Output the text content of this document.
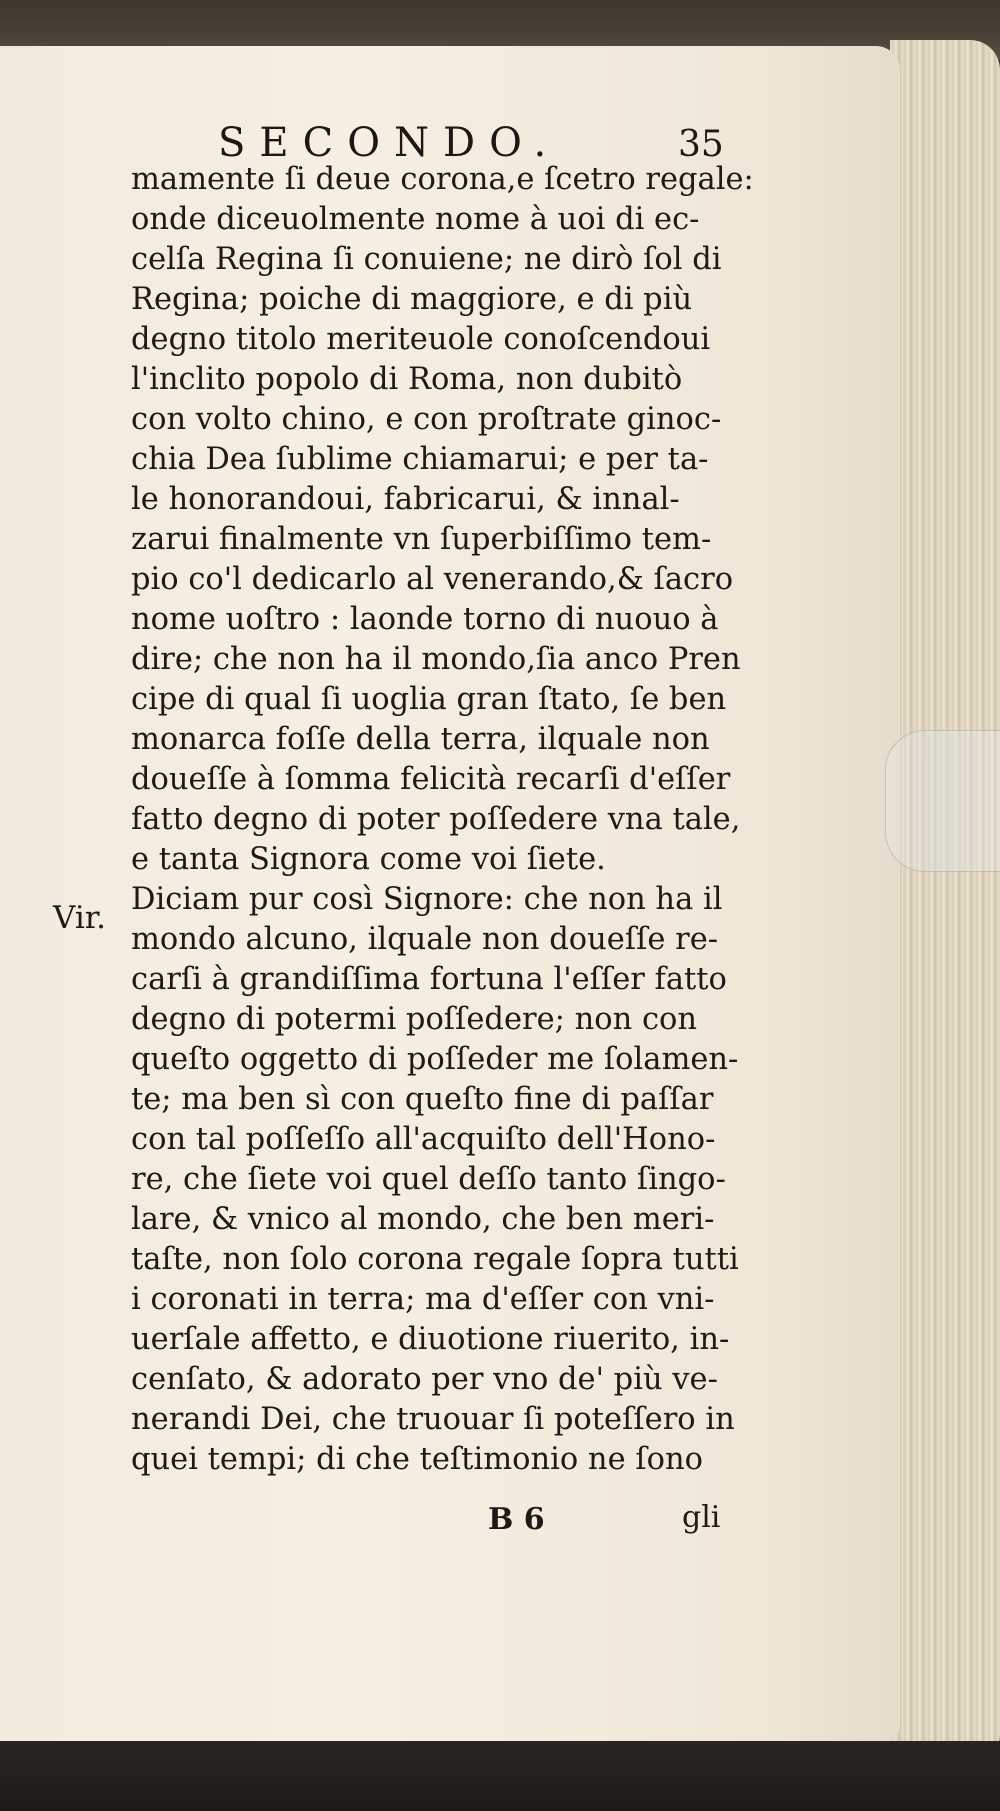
SECONDO.	35
mamente ſi deue corona,e ſcetro regale:
onde diceuolmente nome à uoi di ec-
celſa Regina ſi conuiene; ne dirò ſol di
Regina; poiche di maggiore, e di più
degno titolo meriteuole conoſcendoui
l'inclito popolo di Roma, non dubitò
con volto chino, e con proſtrate ginoc-
chia Dea ſublime chiamarui; e per ta-
le honorandoui, fabricarui, & innal-
zarui finalmente vn ſuperbiſſimo tem-
pio co'l dedicarlo al venerando,& ſacro
nome uoſtro : laonde torno di nuouo à
dire; che non ha il mondo,ſia anco Pren
cipe di qual ſi uoglia gran ſtato, ſe ben
monarca foſſe della terra, ilquale non
doueſſe à ſomma felicità recarſi d'eſſer
fatto degno di poter poſſedere vna tale,
e tanta Signora come voi ſiete.
Diciam pur così Signore: che non ha il
mondo alcuno, ilquale non doueſſe re-
carſi à grandiſſima fortuna l'eſſer fatto
degno di potermi poſſedere; non con
queſto oggetto di poſſeder me ſolamen-
te; ma ben sì con queſto fine di paſſar
con tal poſſeſſo all'acquiſto dell'Hono-
re, che ſiete voi quel deſſo tanto ſingo-
lare, & vnico al mondo, che ben meri-
taſte, non ſolo corona regale ſopra tutti
i coronati in terra; ma d'eſſer con vni-
uerſale affetto, e diuotione riuerito, in-
cenſato, & adorato per vno de' più ve-
nerandi Dei, che truouar ſi poteſſero in
quei tempi; di che teſtimonio ne ſono
Vir.
B 6	gli
